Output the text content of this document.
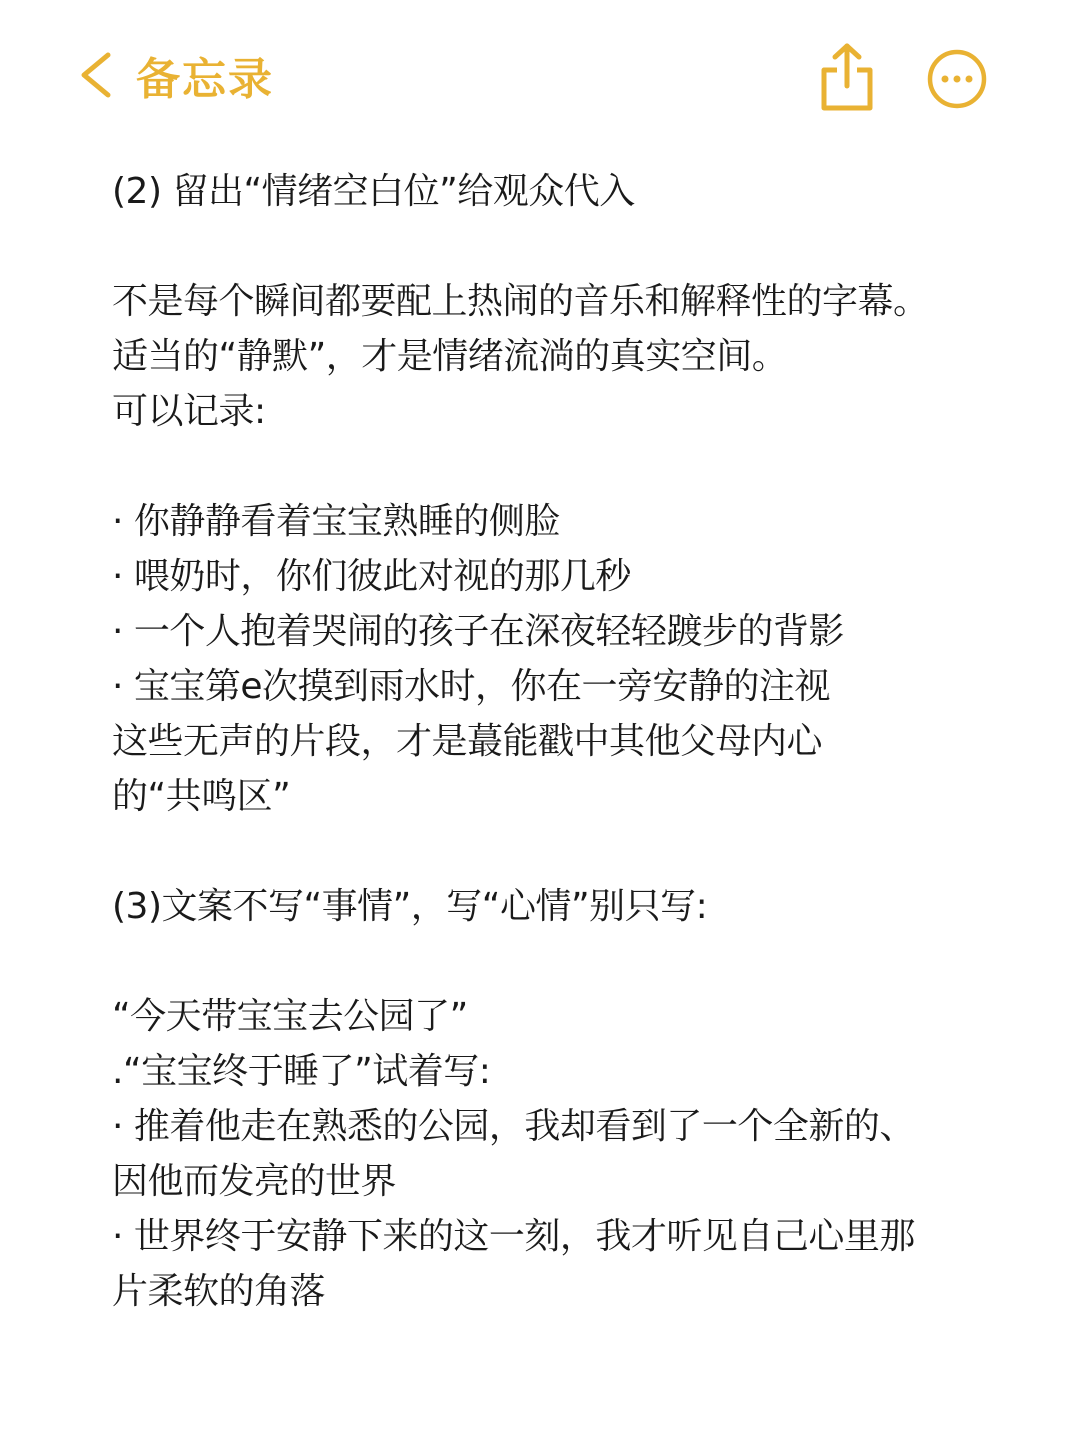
备忘录
(2) 留出“情绪空白位”给观众代入
不是每个瞬间都要配上热闹的音乐和解释性的字幕。
适当的“静默”，才是情绪流淌的真实空间。
可以记录:
· 你静静看着宝宝熟睡的侧脸
· 喂奶时，你们彼此对视的那几秒
· 一个人抱着哭闹的孩子在深夜轻轻踱步的背影
· 宝宝第e次摸到雨水时，你在一旁安静的注视
这些无声的片段，才是蕞能戳中其他父母内心
的“共鸣区”
(3)文案不写“事情”，写“心情”别只写:
“今天带宝宝去公园了”
.“宝宝终于睡了”试着写:
· 推着他走在熟悉的公园，我却看到了一个全新的、
因他而发亮的世界
· 世界终于安静下来的这一刻，我才听见自己心里那
片柔软的角落
